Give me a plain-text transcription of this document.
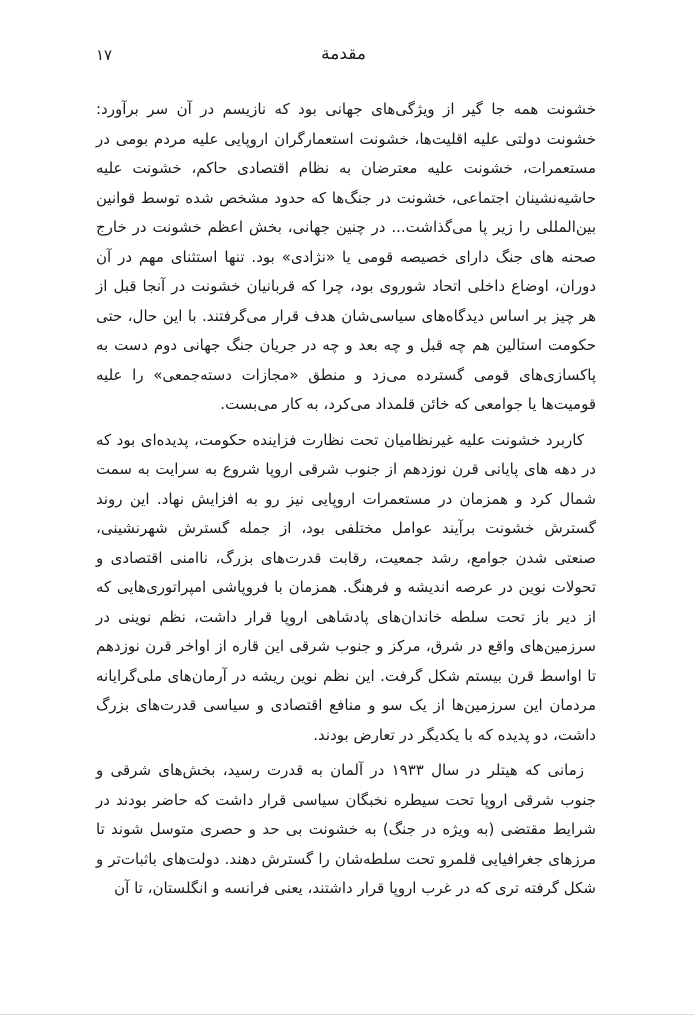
مقدمة
۱۷

خشونت همه جا گیر از ویژگی‌های جهانی بود که نازیسم در آن سر برآورد: خشونت دولتی علیه اقلیت‌ها، خشونت استعمارگران اروپایی علیه مردم بومی در مستعمرات، خشونت علیه معترضان به نظام اقتصادی حاکم، خشونت علیه حاشیه‌نشینان اجتماعی، خشونت در جنگ‌ها که حدود مشخص شده توسط قوانین بین‌المللی را زیر پا می‌گذاشت... در چنین جهانی، بخش اعظم خشونت در خارج صحنه های جنگ دارای خصیصه قومی یا «نژادی» بود. تنها استثنای مهم در آن دوران، اوضاع داخلی اتحاد شوروی بود، چرا که قربانیان خشونت در آنجا قبل از هر چیز بر اساس دیدگاه‌های سیاسی‌شان هدف قرار می‌گرفتند. با این حال، حتی حکومت استالین هم چه قبل و چه بعد و چه در جریان جنگ جهانی دوم دست به پاکسازی‌های قومی گسترده می‌زد و منطق «مجازات دسته‌جمعی» را علیه قومیت‌ها یا جوامعی که خائن قلمداد می‌کرد، به کار می‌بست.

کاربرد خشونت علیه غیرنظامیان تحت نظارت فزاینده حکومت، پدیده‌ای بود که در دهه های پایانی قرن نوزدهم از جنوب شرقی اروپا شروع به سرایت به سمت شمال کرد و همزمان در مستعمرات اروپایی نیز رو به افزایش نهاد. این روند گسترش خشونت برآیند عوامل مختلفی بود، از جمله گسترش شهرنشینی، صنعتی شدن جوامع، رشد جمعیت، رقابت قدرت‌های بزرگ، ناامنی اقتصادی و تحولات نوین در عرصه اندیشه و فرهنگ. همزمان با فروپاشی امپراتوری‌هایی که از دیر باز تحت سلطه خاندان‌های پادشاهی اروپا قرار داشت، نظم نوینی در سرزمین‌های واقع در شرق، مرکز و جنوب شرقی این قاره از اواخر قرن نوزدهم تا اواسط قرن بیستم شکل گرفت. این نظم نوین ریشه در آرمان‌های ملی‌گرایانه مردمان این سرزمین‌ها از یک سو و منافع اقتصادی و سیاسی قدرت‌های بزرگ داشت، دو پدیده که با یکدیگر در تعارض بودند.

زمانی که هیتلر در سال ۱۹۳۳ در آلمان به قدرت رسید، بخش‌های شرقی و جنوب شرقی اروپا تحت سیطره نخبگان سیاسی قرار داشت که حاضر بودند در شرایط مقتضی (به ویژه در جنگ) به خشونت بی حد و حصری متوسل شوند تا مرزهای جغرافیایی قلمرو تحت سلطه‌شان را گسترش دهند. دولت‌های باثبات‌تر و شکل گرفته تری که در غرب اروپا قرار داشتند، یعنی فرانسه و انگلستان، تا آن
